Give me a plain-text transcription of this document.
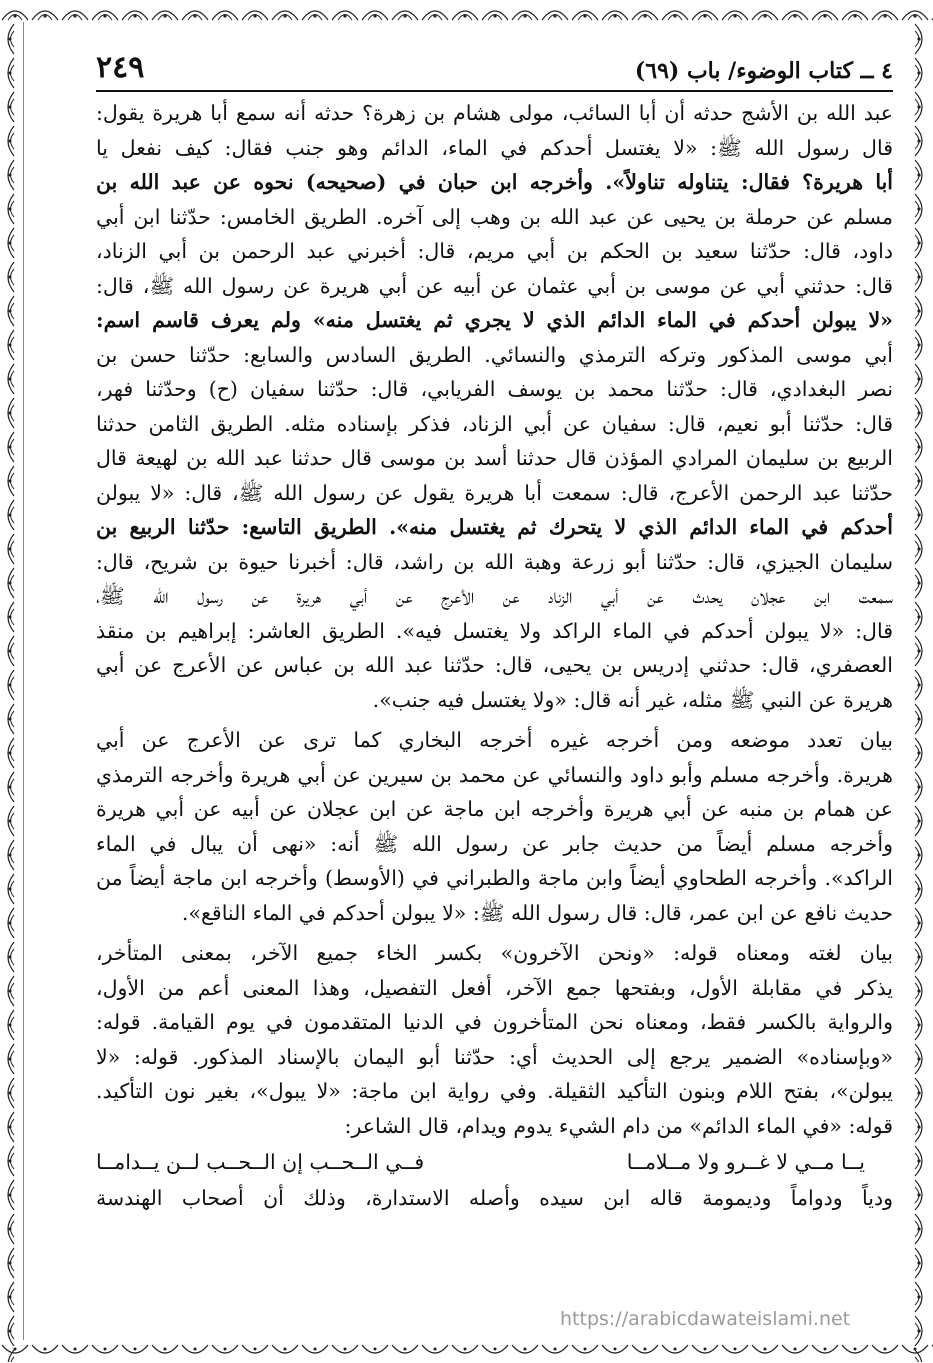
٤ ــ كتاب الوضوء/ باب (٦٩)
٢٤٩
عبد الله بن الأشج حدثه أن أبا السائب، مولى هشام بن زهرة؟ حدثه أنه سمع أبا هريرة يقول:
قال رسول الله ﷺ: «لا يغتسل أحدكم في الماء، الدائم وهو جنب فقال: كيف نفعل يا
أبا هريرة؟ فقال: يتناوله تناولاً». وأخرجه ابن حبان في (صحيحه) نحوه عن عبد الله بن
مسلم عن حرملة بن يحيى عن عبد الله بن وهب إلى آخره. الطريق الخامس: حدّثنا ابن أبي
داود، قال: حدّثنا سعيد بن الحكم بن أبي مريم، قال: أخبرني عبد الرحمن بن أبي الزناد،
قال: حدثني أبي عن موسى بن أبي عثمان عن أبيه عن أبي هريرة عن رسول الله ﷺ، قال:
«لا يبولن أحدكم في الماء الدائم الذي لا يجري ثم يغتسل منه» ولم يعرف قاسم اسم:
أبي موسى المذكور وتركه الترمذي والنسائي. الطريق السادس والسابع: حدّثنا حسن بن
نصر البغدادي، قال: حدّثنا محمد بن يوسف الفريابي، قال: حدّثنا سفيان (ح) وحدّثنا فهر،
قال: حدّثنا أبو نعيم، قال: سفيان عن أبي الزناد، فذكر بإسناده مثله. الطريق الثامن حدثنا
الربيع بن سليمان المرادي المؤذن قال حدثنا أسد بن موسى قال حدثنا عبد الله بن لهيعة قال
حدّثنا عبد الرحمن الأعرج، قال: سمعت أبا هريرة يقول عن رسول الله ﷺ، قال: «لا يبولن
أحدكم في الماء الدائم الذي لا يتحرك ثم يغتسل منه». الطريق التاسع: حدّثنا الربيع بن
سليمان الجيزي، قال: حدّثنا أبو زرعة وهبة الله بن راشد، قال: أخبرنا حيوة بن شريح، قال:
سمعت ابن عجلان يحدث عن أبي الزناد عن الأعرج عن أبي هريرة عن رسول الله ﷺ،
قال: «لا يبولن أحدكم في الماء الراكد ولا يغتسل فيه». الطريق العاشر: إبراهيم بن منقذ
العصفري، قال: حدثني إدريس بن يحيى، قال: حدّثنا عبد الله بن عباس عن الأعرج عن أبي
هريرة عن النبي ﷺ مثله، غير أنه قال: «ولا يغتسل فيه جنب».
بيان تعدد موضعه ومن أخرجه غيره أخرجه البخاري كما ترى عن الأعرج عن أبي
هريرة. وأخرجه مسلم وأبو داود والنسائي عن محمد بن سيرين عن أبي هريرة وأخرجه الترمذي
عن همام بن منبه عن أبي هريرة وأخرجه ابن ماجة عن ابن عجلان عن أبيه عن أبي هريرة
وأخرجه مسلم أيضاً من حديث جابر عن رسول الله ﷺ أنه: «نهى أن يبال في الماء
الراكد». وأخرجه الطحاوي أيضاً وابن ماجة والطبراني في (الأوسط) وأخرجه ابن ماجة أيضاً من
حديث نافع عن ابن عمر، قال: قال رسول الله ﷺ: «لا يبولن أحدكم في الماء الناقع».
بيان لغته ومعناه قوله: «ونحن الآخرون» بكسر الخاء جميع الآخر، بمعنى المتأخر،
يذكر في مقابلة الأول، وبفتحها جمع الآخر، أفعل التفصيل، وهذا المعنى أعم من الأول،
والرواية بالكسر فقط، ومعناه نحن المتأخرون في الدنيا المتقدمون في يوم القيامة. قوله:
«وبإسناده» الضمير يرجع إلى الحديث أي: حدّثنا أبو اليمان بالإسناد المذكور. قوله: «لا
يبولن»، بفتح اللام وبنون التأكيد الثقيلة. وفي رواية ابن ماجة: «لا يبول»، بغير نون التأكيد.
قوله: «في الماء الدائم» من دام الشيء يدوم ويدام، قال الشاعر:
يــا مــي لا غــرو ولا مــلامــا
فــي الــحــب إن الــحــب لــن يــدامــا
ودياً ودواماً وديمومة قاله ابن سيده وأصله الاستدارة، وذلك أن أصحاب الهندسة
https://arabicdawateislami.net
